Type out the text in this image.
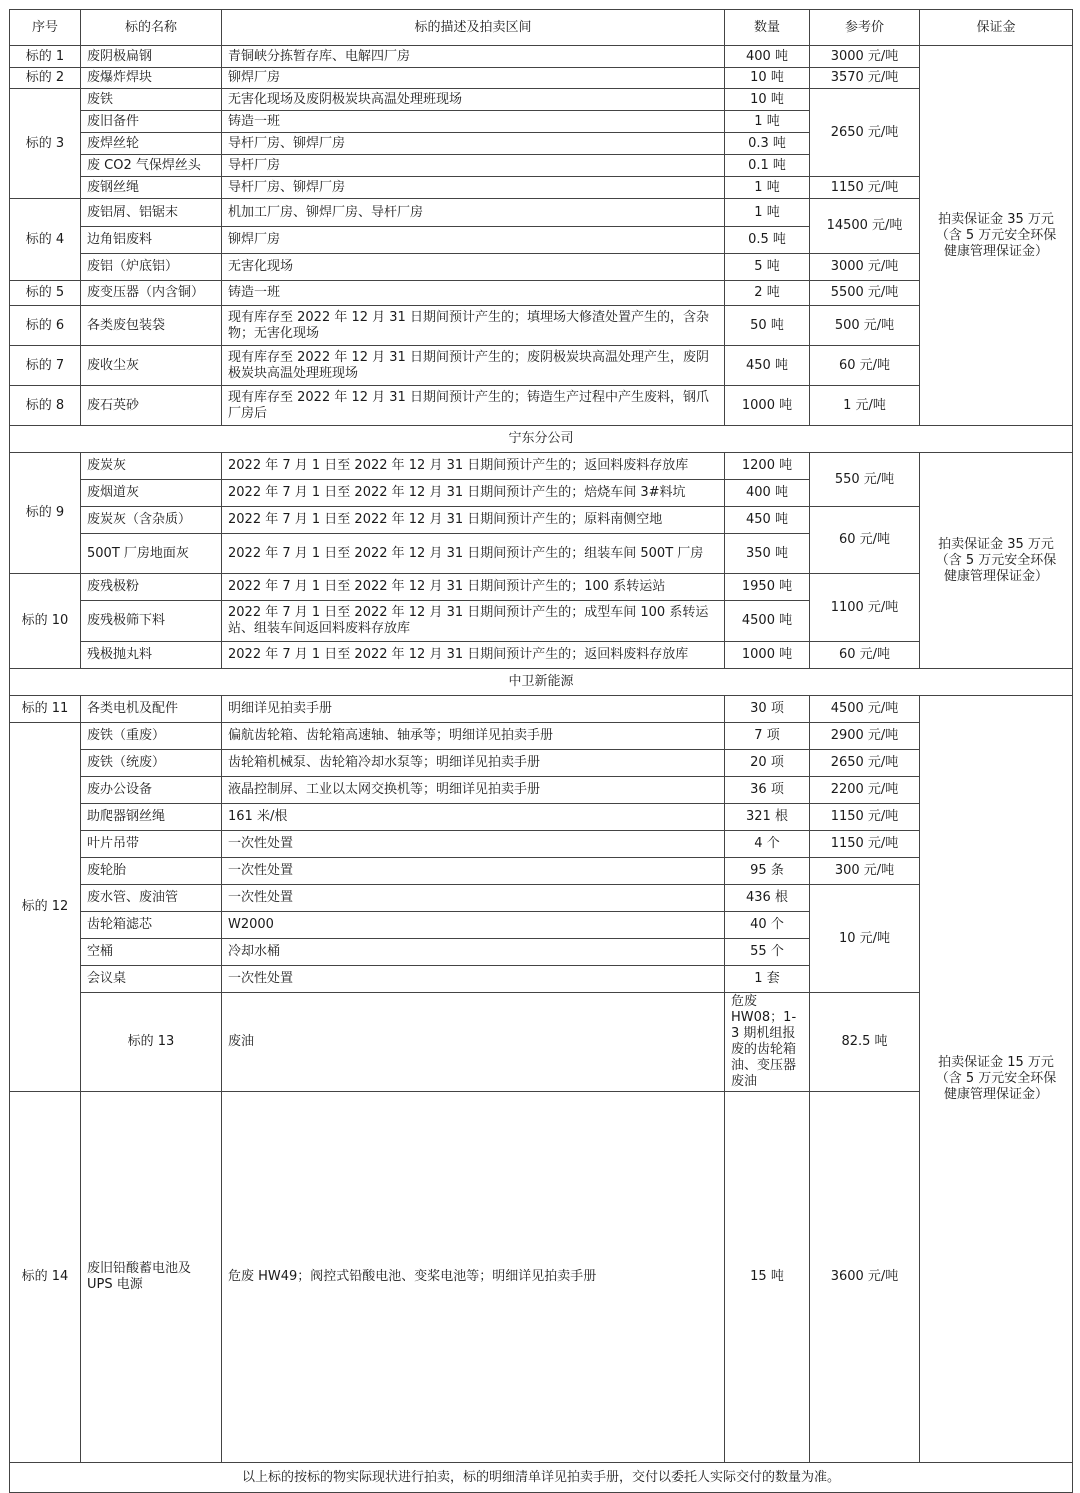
序号	标的名称	标的描述及拍卖区间	数量	参考价	保证金	
标的 1	废阴极扁钢	青铜峡分拣暂存库、电解四厂房	400 吨	3000 元/吨	拍卖保证金 35 万元
（含 5 万元安全环保
健康管理保证金）	

标的 2	废爆炸焊块	铆焊厂房	10 吨	3570 元/吨		
标的 3	废铁	无害化现场及废阴极炭块高温处理班现场	10 吨	2650 元/吨		
	废旧备件	铸造一班	1 吨			
	废焊丝轮	导杆厂房、铆焊厂房	0.3 吨			
	废 CO2 气保焊丝头	导杆厂房	0.1 吨			
	废钢丝绳	导杆厂房、铆焊厂房	1 吨	1150 元/吨		
标的 4	废铝屑、铝锯末	机加工厂房、铆焊厂房、导杆厂房	1 吨	14500 元/吨		
	边角铝废料	铆焊厂房	0.5 吨			
	废铝（炉底铝）	无害化现场	5 吨	3000 元/吨		
标的 5	废变压器（内含铜）	铸造一班	2 吨	5500 元/吨		
标的 6	各类废包装袋	现有库存至 2022 年 12 月 31 日期间预计产生的；填埋场大修渣处置产生的，含杂物；无害化现场	50 吨	500 元/吨		
标的 7	废收尘灰	现有库存至 2022 年 12 月 31 日期间预计产生的；废阴极炭块高温处理产生，废阴极炭块高温处理班现场	450 吨	60 元/吨		
标的 8	废石英砂	现有库存至 2022 年 12 月 31 日期间预计产生的；铸造生产过程中产生废料，钢爪厂房后	1000 吨	1 元/吨		
宁东分公司						
标的 9	废炭灰	2022 年 7 月 1 日至 2022 年 12 月 31 日期间预计产生的；返回料废料存放库	1200 吨	550 元/吨	拍卖保证金 35 万元
（含 5 万元安全环保
健康管理保证金）	

	废烟道灰	2022 年 7 月 1 日至 2022 年 12 月 31 日期间预计产生的；焙烧车间 3#料坑	400 吨			
	废炭灰（含杂质）	2022 年 7 月 1 日至 2022 年 12 月 31 日期间预计产生的；原料南侧空地	450 吨	60 元/吨		
	500T 厂房地面灰	2022 年 7 月 1 日至 2022 年 12 月 31 日期间预计产生的；组装车间 500T 厂房	350 吨			
标的 10	废残极粉	2022 年 7 月 1 日至 2022 年 12 月 31 日期间预计产生的；100 系转运站	1950 吨	1100 元/吨		
	废残极筛下料	2022 年 7 月 1 日至 2022 年 12 月 31 日期间预计产生的；成型车间 100 系转运站、组装车间返回料废料存放库	4500 吨			
	残极抛丸料	2022 年 7 月 1 日至 2022 年 12 月 31 日期间预计产生的；返回料废料存放库	1000 吨	60 元/吨		
中卫新能源						
标的 11	各类电机及配件	明细详见拍卖手册	30 项	4500 元/吨	拍卖保证金 15 万元
（含 5 万元安全环保
健康管理保证金）	

标的 12	废铁（重废）	偏航齿轮箱、齿轮箱高速轴、轴承等；明细详见拍卖手册	7 项	2900 元/吨		
	废铁（统废）	齿轮箱机械泵、齿轮箱冷却水泵等；明细详见拍卖手册	20 项	2650 元/吨		
	废办公设备	液晶控制屏、工业以太网交换机等；明细详见拍卖手册	36 项	2200 元/吨		
	助爬器钢丝绳	161 米/根	321 根	1150 元/吨		
	叶片吊带	一次性处置	4 个	1150 元/吨		
	废轮胎	一次性处置	95 条	300 元/吨		
	废水管、废油管	一次性处置	436 根	10 元/吨		
	齿轮箱滤芯	W2000	40 个			
	空桶	冷却水桶	55 个			
	会议桌	一次性处置	1 套			
	标的 13	废油	危废 HW08；1-3 期机组报废的齿轮箱油、变压器废油	82.5 吨	
标的 14	废旧铅酸蓄电池及 UPS 电源	危废 HW49；阀控式铅酸电池、变桨电池等；明细详见拍卖手册	15 吨	3600 元/吨	

以上标的按标的物实际现状进行拍卖，标的明细清单详见拍卖手册，交付以委托人实际交付的数量为准。						
